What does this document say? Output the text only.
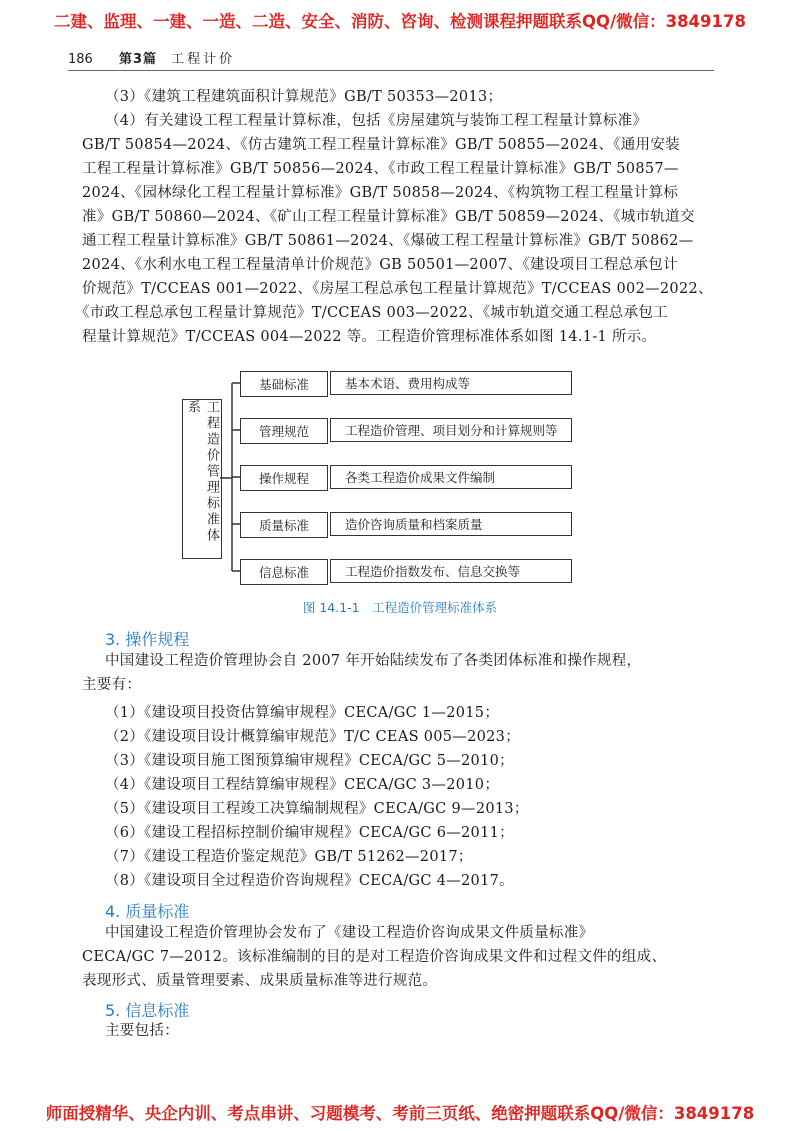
二建、监理、一建、一造、二造、安全、消防、咨询、检测课程押题联系QQ/微信：3849178
186 第3篇 工程计价
（3）《建筑工程建筑面积计算规范》GB/T 50353—2013；
（4）有关建设工程工程量计算标准，包括《房屋建筑与装饰工程工程量计算标准》
GB/T 50854—2024、《仿古建筑工程工程量计算标准》GB/T 50855—2024、《通用安装
工程工程量计算标准》GB/T 50856—2024、《市政工程工程量计算标准》GB/T 50857—
2024、《园林绿化工程工程量计算标准》GB/T 50858—2024、《构筑物工程工程量计算标
准》GB/T 50860—2024、《矿山工程工程量计算标准》GB/T 50859—2024、《城市轨道交
通工程工程量计算标准》GB/T 50861—2024、《爆破工程工程量计算标准》GB/T 50862—
2024、《水利水电工程工程量清单计价规范》GB 50501—2007、《建设项目工程总承包计
价规范》T/CCEAS 001—2022、《房屋工程总承包工程量计算规范》T/CCEAS 002—2022、
《市政工程总承包工程量计算规范》T/CCEAS 003—2022、《城市轨道交通工程总承包工
程量计算规范》T/CCEAS 004—2022 等。工程造价管理标准体系如图 14.1-1 所示。
工程造价管理标准体系
基础标准	基本术语、费用构成等
管理规范	工程造价管理、项目划分和计算规则等
操作规程	各类工程造价成果文件编制
质量标准	造价咨询质量和档案质量
信息标准	工程造价指数发布、信息交换等
图 14.1-1　工程造价管理标准体系
3. 操作规程
中国建设工程造价管理协会自 2007 年开始陆续发布了各类团体标准和操作规程，
主要有：
（1）《建设项目投资估算编审规程》CECA/GC 1—2015；
（2）《建设项目设计概算编审规范》T/C CEAS 005—2023；
（3）《建设项目施工图预算编审规程》CECA/GC 5—2010；
（4）《建设项目工程结算编审规程》CECA/GC 3—2010；
（5）《建设项目工程竣工决算编制规程》CECA/GC 9—2013；
（6）《建设工程招标控制价编审规程》CECA/GC 6—2011；
（7）《建设工程造价鉴定规范》GB/T 51262—2017；
（8）《建设项目全过程造价咨询规程》CECA/GC 4—2017。
4. 质量标准
中国建设工程造价管理协会发布了《建设工程造价咨询成果文件质量标准》
CECA/GC 7—2012。该标准编制的目的是对工程造价咨询成果文件和过程文件的组成、
表现形式、质量管理要素、成果质量标准等进行规范。
5. 信息标准
主要包括：
师面授精华、央企内训、考点串讲、习题模考、考前三页纸、绝密押题联系QQ/微信：3849178
